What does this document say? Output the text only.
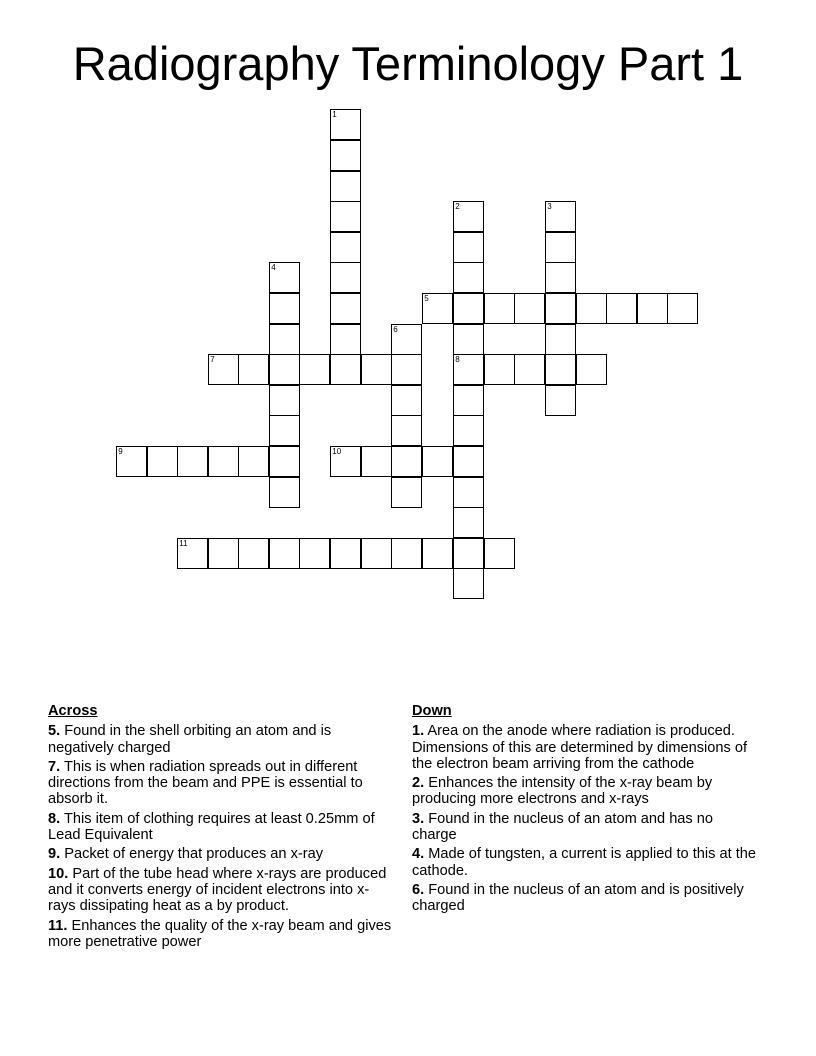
Radiography Terminology Part 1
1
2	3
4
5
6
7	8
9	10
11
Across
5. Found in the shell orbiting an atom and is negatively charged
7. This is when radiation spreads out in different directions from the beam and PPE is essential to absorb it.
8. This item of clothing requires at least 0.25mm of Lead Equivalent
9. Packet of energy that produces an x-ray
10. Part of the tube head where x-rays are produced and it converts energy of incident electrons into x-rays dissipating heat as a by product.
11. Enhances the quality of the x-ray beam and gives more penetrative power
Down
1. Area on the anode where radiation is produced. Dimensions of this are determined by dimensions of the electron beam arriving from the cathode
2. Enhances the intensity of the x-ray beam by producing more electrons and x-rays
3. Found in the nucleus of an atom and has no charge
4. Made of tungsten, a current is applied to this at the cathode.
6. Found in the nucleus of an atom and is positively charged
